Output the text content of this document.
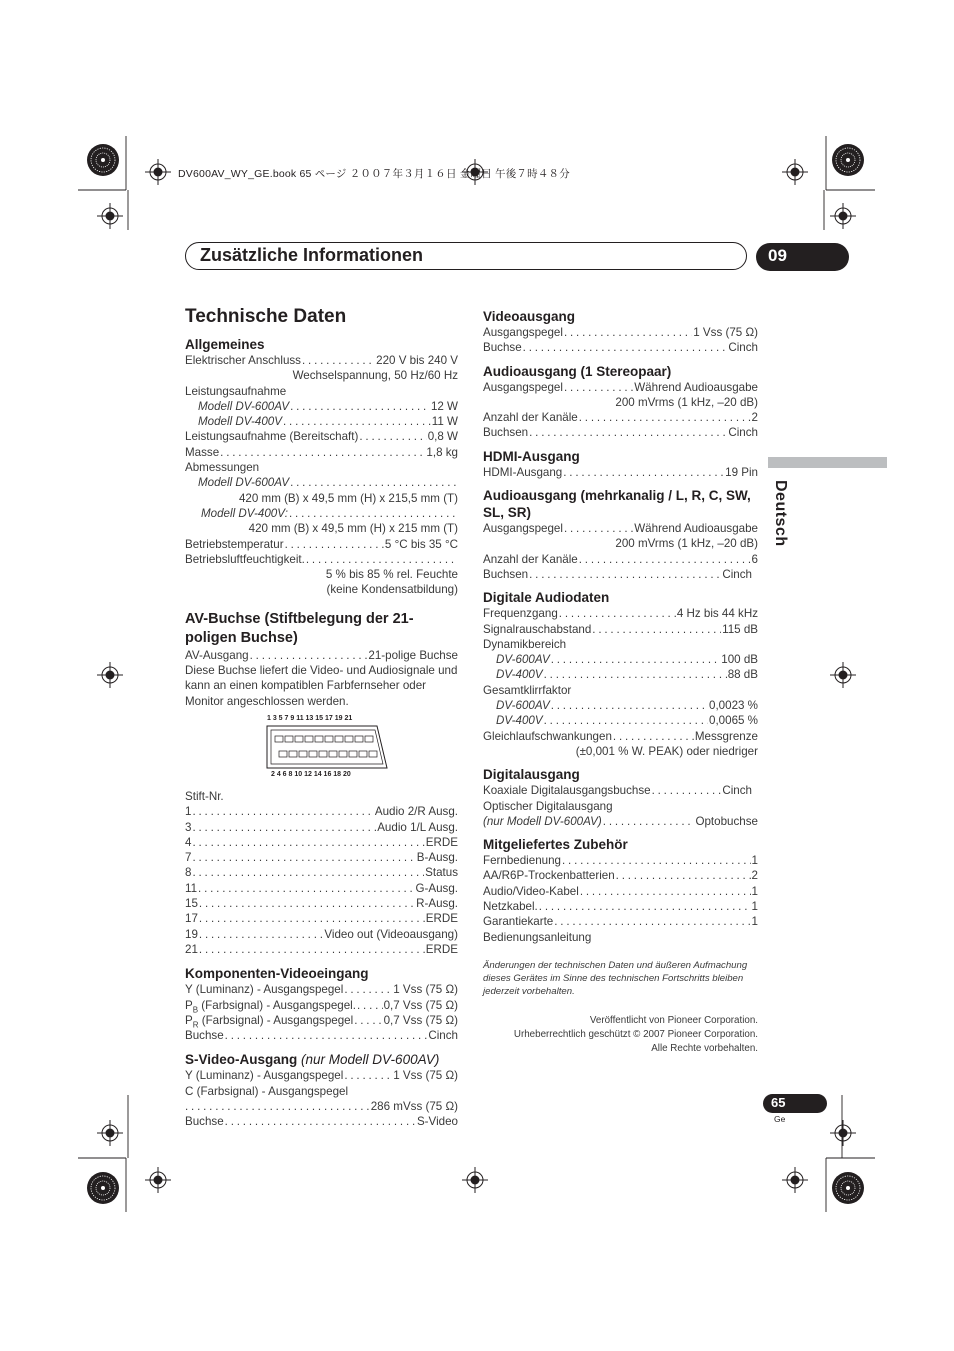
DV600AV_WY_GE.book 65 ページ ２００７年３月１６日 金曜日 午後７時４８分
Zusätzliche Informationen	09
Deutsch
Technische Daten
Allgemeines
Elektrischer Anschluss . . .	220 V bis 240 V
Wechselspannung, 50 Hz/60 Hz
Leistungsaufnahme
Modell DV-600AV . . .	12 W
Modell DV-400V . . .	11 W
Leistungsaufnahme (Bereitschaft) . . .	0,8 W
Masse . . .	1,8 kg
Abmessungen
Modell DV-600AV
. . .
420 mm (B) x 49,5 mm (H) x 215,5 mm (T)
Modell DV-400V:
. . .
420 mm (B) x 49,5 mm (H) x 215 mm (T)
Betriebstemperatur . . .	5 °C bis 35 °C
Betriebsluftfeuchtigkeit.
. . .
5 % bis 85 % rel. Feuchte
(keine Kondensatbildung)
AV-Buchse (Stiftbelegung der 21-poligen Buchse)
AV-Ausgang . . .	21-polige Buchse
Diese Buchse liefert die Video- und Audiosignale und kann an einen kompatiblen Farbfernseher oder Monitor angeschlossen werden.
1 3 5 7 9 11 13 15 17 19 21
2 4 6 8 10 12 14 16 18 20
Stift-Nr.
1 . . .	Audio 2/R Ausg.
3 . . .	Audio 1/L Ausg.
4 . . .	ERDE
7 . . .	B-Ausg.
8 . . .	Status
11 . . .	G-Ausg.
15 . . .	R-Ausg.
17 . . .	ERDE
19 . . .	Video out (Videoausgang)
21 . . .	ERDE
Komponenten-Videoeingang
Y (Luminanz) - Ausgangspegel . . .	1 Vss (75 Ω)
$P_B$ (Farbsignal) - Ausgangspegel. . . . 0,7 Vss (75 Ω)
$P_R$ (Farbsignal) - Ausgangspegel . . .	0,7 Vss (75 Ω)
Buchse . . .	Cinch
S-Video-Ausgang (nur Modell DV-600AV)
Y (Luminanz) - Ausgangspegel . . .	1 Vss (75 Ω)
C (Farbsignal) - Ausgangspegel
. . .
286 mVss (75 Ω)
Buchse . . .	S-Video
Videoausgang
Ausgangspegel . . .	1 Vss (75 Ω)
Buchse . . .	Cinch
Audioausgang (1 Stereopaar)
Ausgangspegel . . .	Während Audioausgabe
200 mVrms (1 kHz, –20 dB)
Anzahl der Kanäle . . .	2
Buchsen . . .	Cinch
HDMI-Ausgang
HDMI-Ausgang . . .	19 Pin
Audioausgang (mehrkanalig / L, R, C, SW, SL, SR)
Ausgangspegel . . .	Während Audioausgabe
200 mVrms (1 kHz, –20 dB)
Anzahl der Kanäle . . .	6
Buchsen . . .	Cinch
Digitale Audiodaten
Frequenzgang . . .	4 Hz bis 44 kHz
Signalrauschabstand . . .	115 dB
Dynamikbereich
DV-600AV . . .	100 dB
DV-400V . . .	88 dB
Gesamtklirrfaktor
DV-600AV . . .	0,0023 %
DV-400V . . .	0,0065 %
Gleichlaufschwankungen . . .	Messgrenze
(±0,001 % W. PEAK) oder niedriger
Digitalausgang
Koaxiale Digitalausgangsbuchse . . .	Cinch
Optischer Digitalausgang
(nur Modell DV-600AV) . . .	Optobuchse
Mitgeliefertes Zubehör
Fernbedienung . . .	1
AA/R6P-Trockenbatterien . . .	2
Audio/Video-Kabel . . .	1
Netzkabel. . . .	1
Garantiekarte . . .	1
Bedienungsanleitung
Änderungen der technischen Daten und äußeren Aufmachung dieses Gerätes im Sinne des technischen Fortschritts bleiben jederzeit vorbehalten.
Veröffentlicht von Pioneer Corporation.
Urheberrechtlich geschützt © 2007 Pioneer Corporation.
Alle Rechte vorbehalten.
65
Ge
